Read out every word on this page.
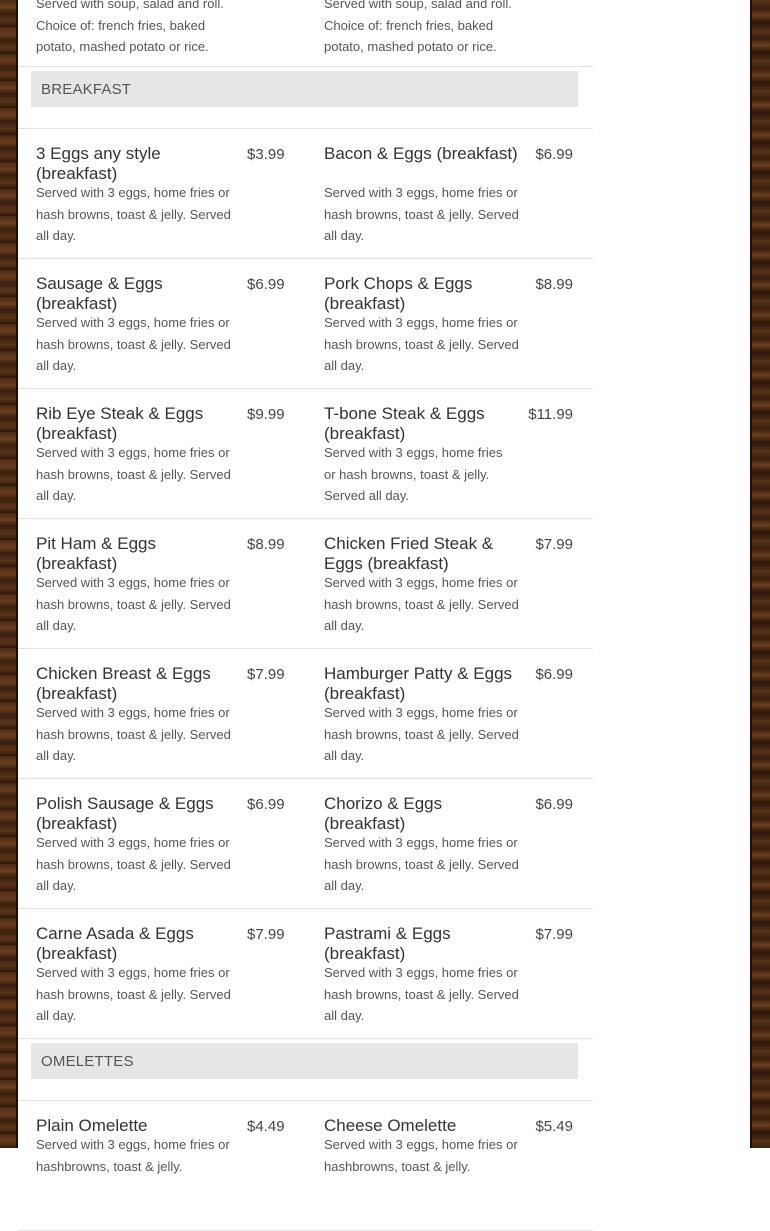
Served with soup, salad and roll. Choice of: french fries, baked potato, mashed potato or rice.
Served with soup, salad and roll. Choice of: french fries, baked potato, mashed potato or rice.
BREAKFAST
3 Eggs any style (breakfast)
$3.99
Served with 3 eggs, home fries or hash browns, toast & jelly. Served all day.
Bacon & Eggs (breakfast)	$6.99
Served with 3 eggs, home fries or hash browns, toast & jelly. Served all day.
Sausage & Eggs (breakfast)
$6.99
Served with 3 eggs, home fries or hash browns, toast & jelly. Served all day.
Pork Chops & Eggs (breakfast)
$8.99
Served with 3 eggs, home fries or hash browns, toast & jelly. Served all day.
Rib Eye Steak & Eggs (breakfast)
$9.99
Served with 3 eggs, home fries or hash browns, toast & jelly. Served all day.
T-bone Steak & Eggs (breakfast)
$11.99
Served with 3 eggs, home fries or hash browns, toast & jelly. Served all day.
Pit Ham & Eggs (breakfast)
$8.99
Served with 3 eggs, home fries or hash browns, toast & jelly. Served all day.
Chicken Fried Steak & Eggs (breakfast)
$7.99
Served with 3 eggs, home fries or hash browns, toast & jelly. Served all day.
Chicken Breast & Eggs (breakfast)
$7.99
Served with 3 eggs, home fries or hash browns, toast & jelly. Served all day.
Hamburger Patty & Eggs (breakfast)
$6.99
Served with 3 eggs, home fries or hash browns, toast & jelly. Served all day.
Polish Sausage & Eggs (breakfast)
$6.99
Served with 3 eggs, home fries or hash browns, toast & jelly. Served all day.
Chorizo & Eggs (breakfast)
$6.99
Served with 3 eggs, home fries or hash browns, toast & jelly. Served all day.
Carne Asada & Eggs (breakfast)
$7.99
Served with 3 eggs, home fries or hash browns, toast & jelly. Served all day.
Pastrami & Eggs (breakfast)
$7.99
Served with 3 eggs, home fries or hash browns, toast & jelly. Served all day.
OMELETTES
Plain Omelette	$4.49
Served with 3 eggs, home fries or hashbrowns, toast & jelly.
Cheese Omelette	$5.49
Served with 3 eggs, home fries or hashbrowns, toast & jelly.
